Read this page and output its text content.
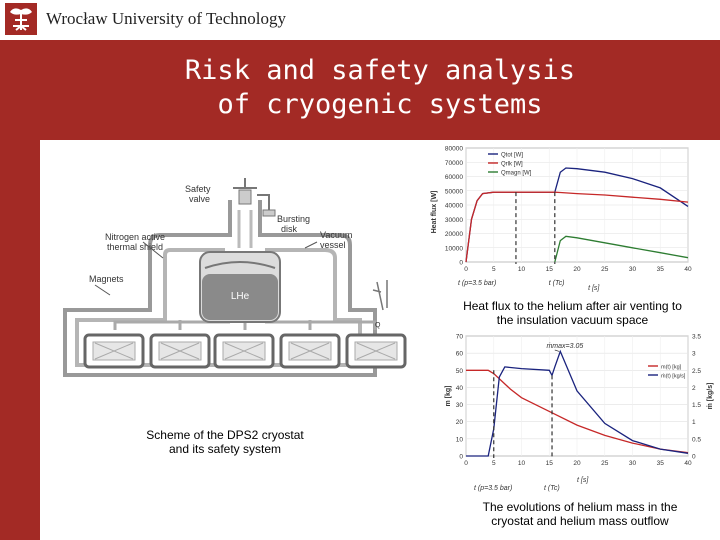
Wrocław University of Technology
Risk and safety analysis
of cryogenic systems
LHe
Safety
valve
Bursting
disk
Nitrogen active
thermal shield
Vacuum
vessel
Magnets
Q
Scheme of the DPS2 cryostat and its safety system
0
10000
20000
30000
40000
50000
60000
70000
80000
0	5	10	15	20	25	30	35	40
Heat flux [W]
t (p=3.5 bar)	t (Tc)
t [s]
Qtot [W]
Qrlk [W]
Qmagn [W]
Heat flux to the helium after air venting to the insulation vacuum space
0
10
20
30
40
50
60
70
0
0.5
1
1.5
2
2.5
3
3.5
0	5	10	15	20	25	30	35	40
m [kg]	ṁ [kg/s]
ṁmax=3.05
t (p=3.5 bar)	t (Tc)
t [s]
m(t) [kg]
ṁ(t) [kg/s]
The evolutions of helium mass in the cryostat and helium mass outflow
